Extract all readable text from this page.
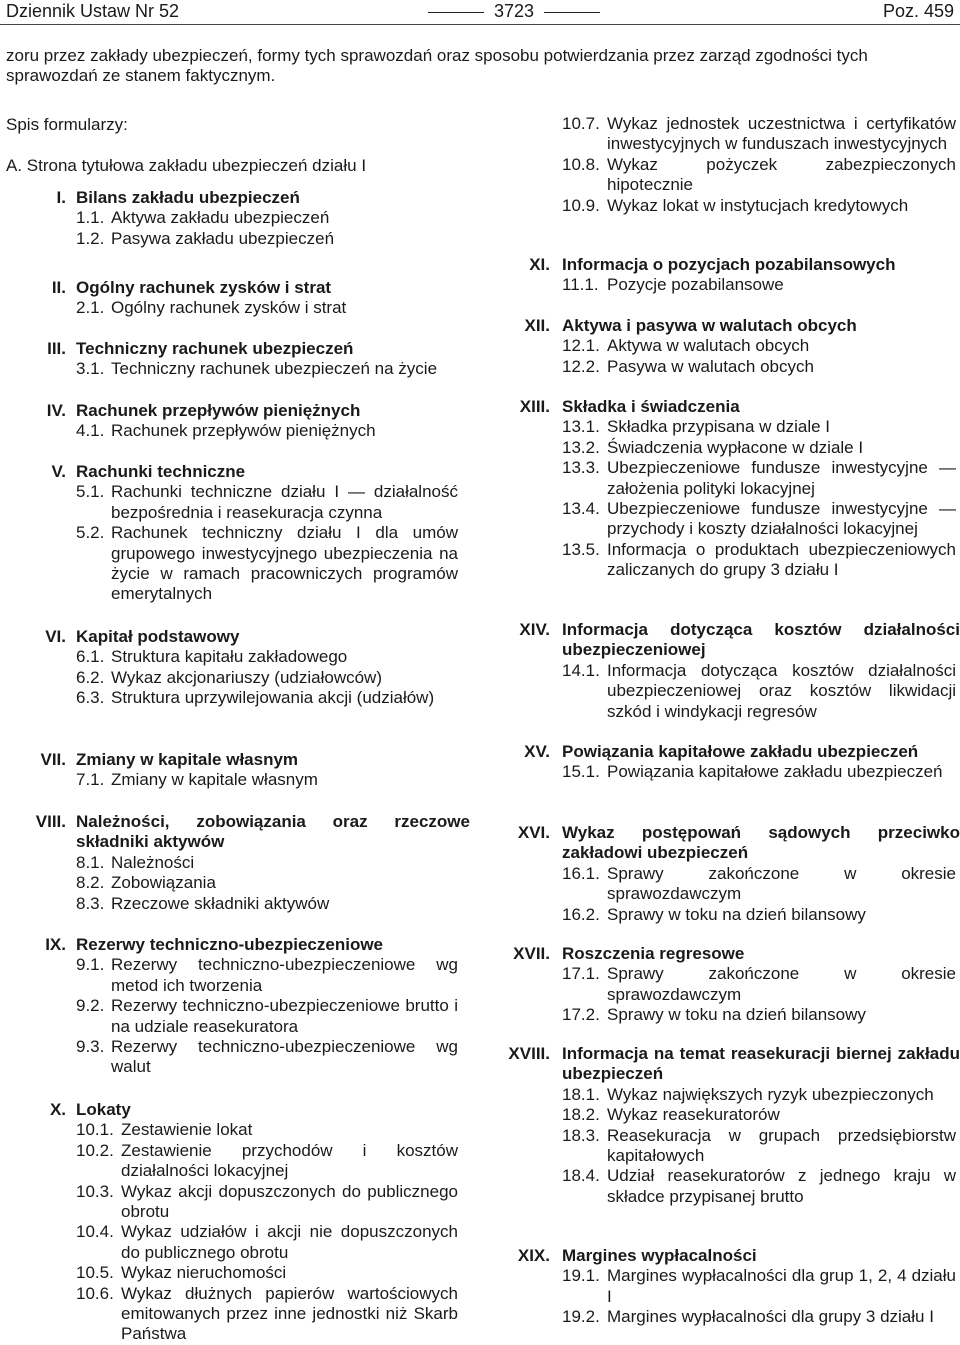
Dziennik Ustaw Nr 52	3723	Poz. 459
zoru przez zakłady ubezpieczeń, formy tych sprawozdań oraz sposobu potwierdzania przez zarząd zgodności tych sprawozdań ze stanem faktycznym.
Spis formularzy:
A. Strona tytułowa zakładu ubezpieczeń działu I
I. Bilans zakładu ubezpieczeń
1.1. Aktywa zakładu ubezpieczeń
1.2. Pasywa zakładu ubezpieczeń
II. Ogólny rachunek zysków i strat
2.1. Ogólny rachunek zysków i strat
III. Techniczny rachunek ubezpieczeń
3.1. Techniczny rachunek ubezpieczeń na życie
IV. Rachunek przepływów pieniężnych
4.1. Rachunek przepływów pieniężnych
V. Rachunki techniczne
5.1. Rachunki techniczne działu I — działalność bezpośrednia i reasekuracja czynna
5.2. Rachunek techniczny działu I dla umów grupowego inwestycyjnego ubezpieczenia na życie w ramach pracowniczych programów emerytalnych
VI. Kapitał podstawowy
6.1. Struktura kapitału zakładowego
6.2. Wykaz akcjonariuszy (udziałowców)
6.3. Struktura uprzywilejowania akcji (udziałów)
VII. Zmiany w kapitale własnym
7.1. Zmiany w kapitale własnym
VIII. Należności, zobowiązania oraz rzeczowe składniki aktywów
8.1. Należności
8.2. Zobowiązania
8.3. Rzeczowe składniki aktywów
IX. Rezerwy techniczno-ubezpieczeniowe
9.1. Rezerwy techniczno-ubezpieczeniowe wg metod ich tworzenia
9.2. Rezerwy techniczno-ubezpieczeniowe brutto i na udziale reasekuratora
9.3. Rezerwy techniczno-ubezpieczeniowe wg walut
X. Lokaty
10.1. Zestawienie lokat
10.2. Zestawienie przychodów i kosztów działalności lokacyjnej
10.3. Wykaz akcji dopuszczonych do publicznego obrotu
10.4. Wykaz udziałów i akcji nie dopuszczonych do publicznego obrotu
10.5. Wykaz nieruchomości
10.6. Wykaz dłużnych papierów wartościowych emitowanych przez inne jednostki niż Skarb Państwa
10.7. Wykaz jednostek uczestnictwa i certyfikatów inwestycyjnych w funduszach inwestycyjnych
10.8. Wykaz pożyczek zabezpieczonych hipotecznie
10.9. Wykaz lokat w instytucjach kredytowych
XI. Informacja o pozycjach pozabilansowych
11.1. Pozycje pozabilansowe
XII. Aktywa i pasywa w walutach obcych
12.1. Aktywa w walutach obcych
12.2. Pasywa w walutach obcych
XIII. Składka i świadczenia
13.1. Składka przypisana w dziale I
13.2. Świadczenia wypłacone w dziale I
13.3. Ubezpieczeniowe fundusze inwestycyjne — założenia polityki lokacyjnej
13.4. Ubezpieczeniowe fundusze inwestycyjne — przychody i koszty działalności lokacyjnej
13.5. Informacja o produktach ubezpieczeniowych zaliczanych do grupy 3 działu I
XIV. Informacja dotycząca kosztów działalności ubezpieczeniowej
14.1. Informacja dotycząca kosztów działalności ubezpieczeniowej oraz kosztów likwidacji szkód i windykacji regresów
XV. Powiązania kapitałowe zakładu ubezpieczeń
15.1. Powiązania kapitałowe zakładu ubezpieczeń
XVI. Wykaz postępowań sądowych przeciwko zakładowi ubezpieczeń
16.1. Sprawy zakończone w okresie sprawozdawczym
16.2. Sprawy w toku na dzień bilansowy
XVII. Roszczenia regresowe
17.1. Sprawy zakończone w okresie sprawozdawczym
17.2. Sprawy w toku na dzień bilansowy
XVIII. Informacja na temat reasekuracji biernej zakładu ubezpieczeń
18.1. Wykaz największych ryzyk ubezpieczonych
18.2. Wykaz reasekuratorów
18.3. Reasekuracja w grupach przedsiębiorstw kapitałowych
18.4. Udział reasekuratorów z jednego kraju w składce przypisanej brutto
XIX. Margines wypłacalności
19.1. Margines wypłacalności dla grup 1, 2, 4 działu I
19.2. Margines wypłacalności dla grupy 3 działu I
